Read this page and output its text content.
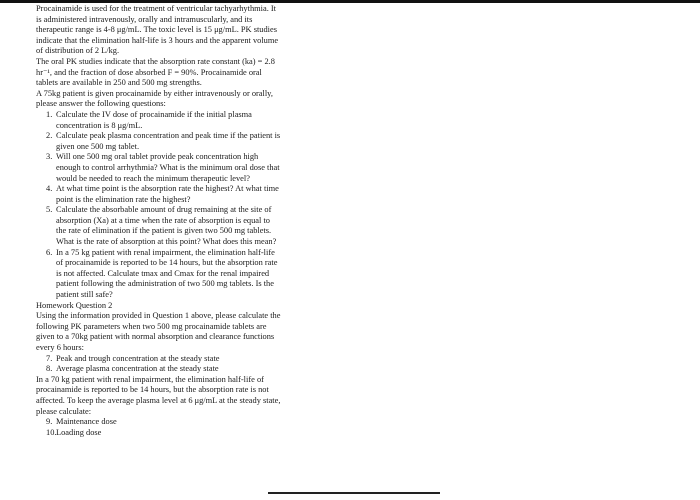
Procainamide is used for the treatment of ventricular tachyarhythmia. It is administered intravenously, orally and intramuscularly, and its therapeutic range is 4-8 μg/mL. The toxic level is 15 μg/mL. PK studies indicate that the elimination half-life is 3 hours and the apparent volume of distribution of 2 L/kg.

The oral PK studies indicate that the absorption rate constant (ka) = 2.8 hr⁻¹, and the fraction of dose absorbed F = 90%. Procainamide oral tablets are available in 250 and 500 mg strengths.

A 75kg patient is given procainamide by either intravenously or orally, please answer the following questions:

1. Calculate the IV dose of procainamide if the initial plasma concentration is 8 μg/mL.
2. Calculate peak plasma concentration and peak time if the patient is given one 500 mg tablet.
3. Will one 500 mg oral tablet provide peak concentration high enough to control arrhythmia? What is the minimum oral dose that would be needed to reach the minimum therapeutic level?
4. At what time point is the absorption rate the highest? At what time point is the elimination rate the highest?
5. Calculate the absorbable amount of drug remaining at the site of absorption (Xa) at a time when the rate of absorption is equal to the rate of elimination if the patient is given two 500 mg tablets. What is the rate of absorption at this point? What does this mean?
6. In a 75 kg patient with renal impairment, the elimination half-life of procainamide is reported to be 14 hours, but the absorption rate is not affected. Calculate tmax and Cmax for the renal impaired patient following the administration of two 500 mg tablets. Is the patient still safe?

Homework Question 2

Using the information provided in Question 1 above, please calculate the following PK parameters when two 500 mg procainamide tablets are given to a 70kg patient with normal absorption and clearance functions every 6 hours:

7. Peak and trough concentration at the steady state
8. Average plasma concentration at the steady state

In a 70 kg patient with renal impairment, the elimination half-life of procainamide is reported to be 14 hours, but the absorption rate is not affected. To keep the average plasma level at 6 μg/mL at the steady state, please calculate:

9. Maintenance dose
10. Loading dose
